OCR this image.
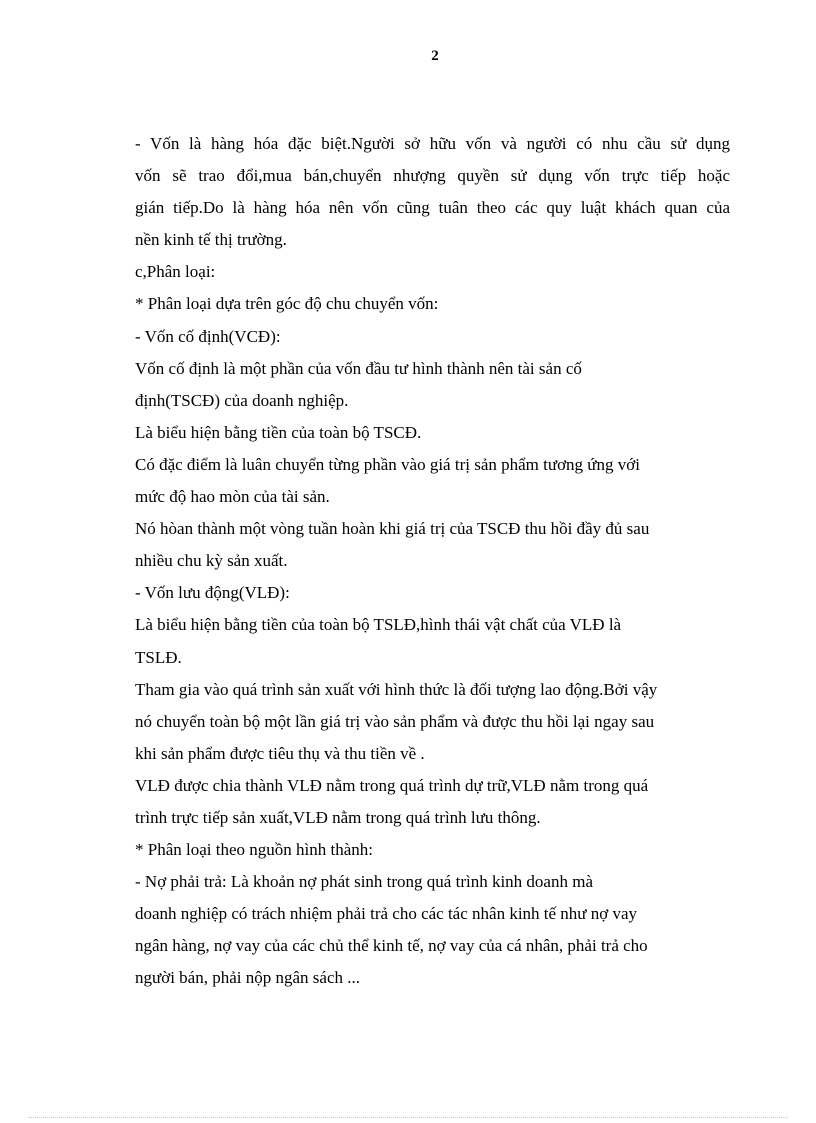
2
- Vốn là hàng hóa đặc biệt.Người sở hữu vốn và người có nhu cầu sử dụng
vốn sẽ trao đổi,mua bán,chuyển nhượng quyền sử dụng vốn trực tiếp hoặc
gián tiếp.Do là hàng hóa nên vốn cũng tuân theo các quy luật khách quan của
nền kinh tế thị trường.
c,Phân loại:
* Phân loại dựa trên góc độ chu chuyển vốn:
- Vốn cố định(VCĐ):
Vốn cố định là một phần của vốn đầu tư hình thành nên tài sản cố
định(TSCĐ) của doanh nghiệp.
Là biểu hiện bằng tiền của toàn bộ TSCĐ.
Có đặc điểm là luân chuyển từng phần vào giá trị sản phẩm tương ứng với
mức độ hao mòn của tài sản.
Nó hòan thành một vòng tuần hoàn khi giá trị của TSCĐ thu hồi đầy đủ sau
nhiều chu kỳ sản xuất.
- Vốn lưu động(VLĐ):
Là biểu hiện bằng tiền của toàn bộ TSLĐ,hình thái vật chất của VLĐ là
TSLĐ.
Tham gia vào quá trình sản xuất với hình thức là đối tượng lao động.Bởi vậy
nó chuyển toàn bộ một lần giá trị vào sản phẩm và được thu hồi lại ngay sau
khi sản phẩm được tiêu thụ và thu tiền về .
VLĐ được chia thành VLĐ nằm trong quá trình dự trữ,VLĐ nằm trong quá
trình trực tiếp sản xuất,VLĐ nằm trong quá trình lưu thông.
* Phân loại theo nguồn hình thành:
- Nợ phải trả: Là khoản nợ phát sinh trong quá trình kinh doanh mà
doanh nghiệp có trách nhiệm phải trả cho các tác nhân kinh tế như nợ vay
ngân hàng, nợ vay của các chủ thể kinh tế, nợ vay của cá nhân, phải trả cho
người bán, phải nộp ngân sách ...
